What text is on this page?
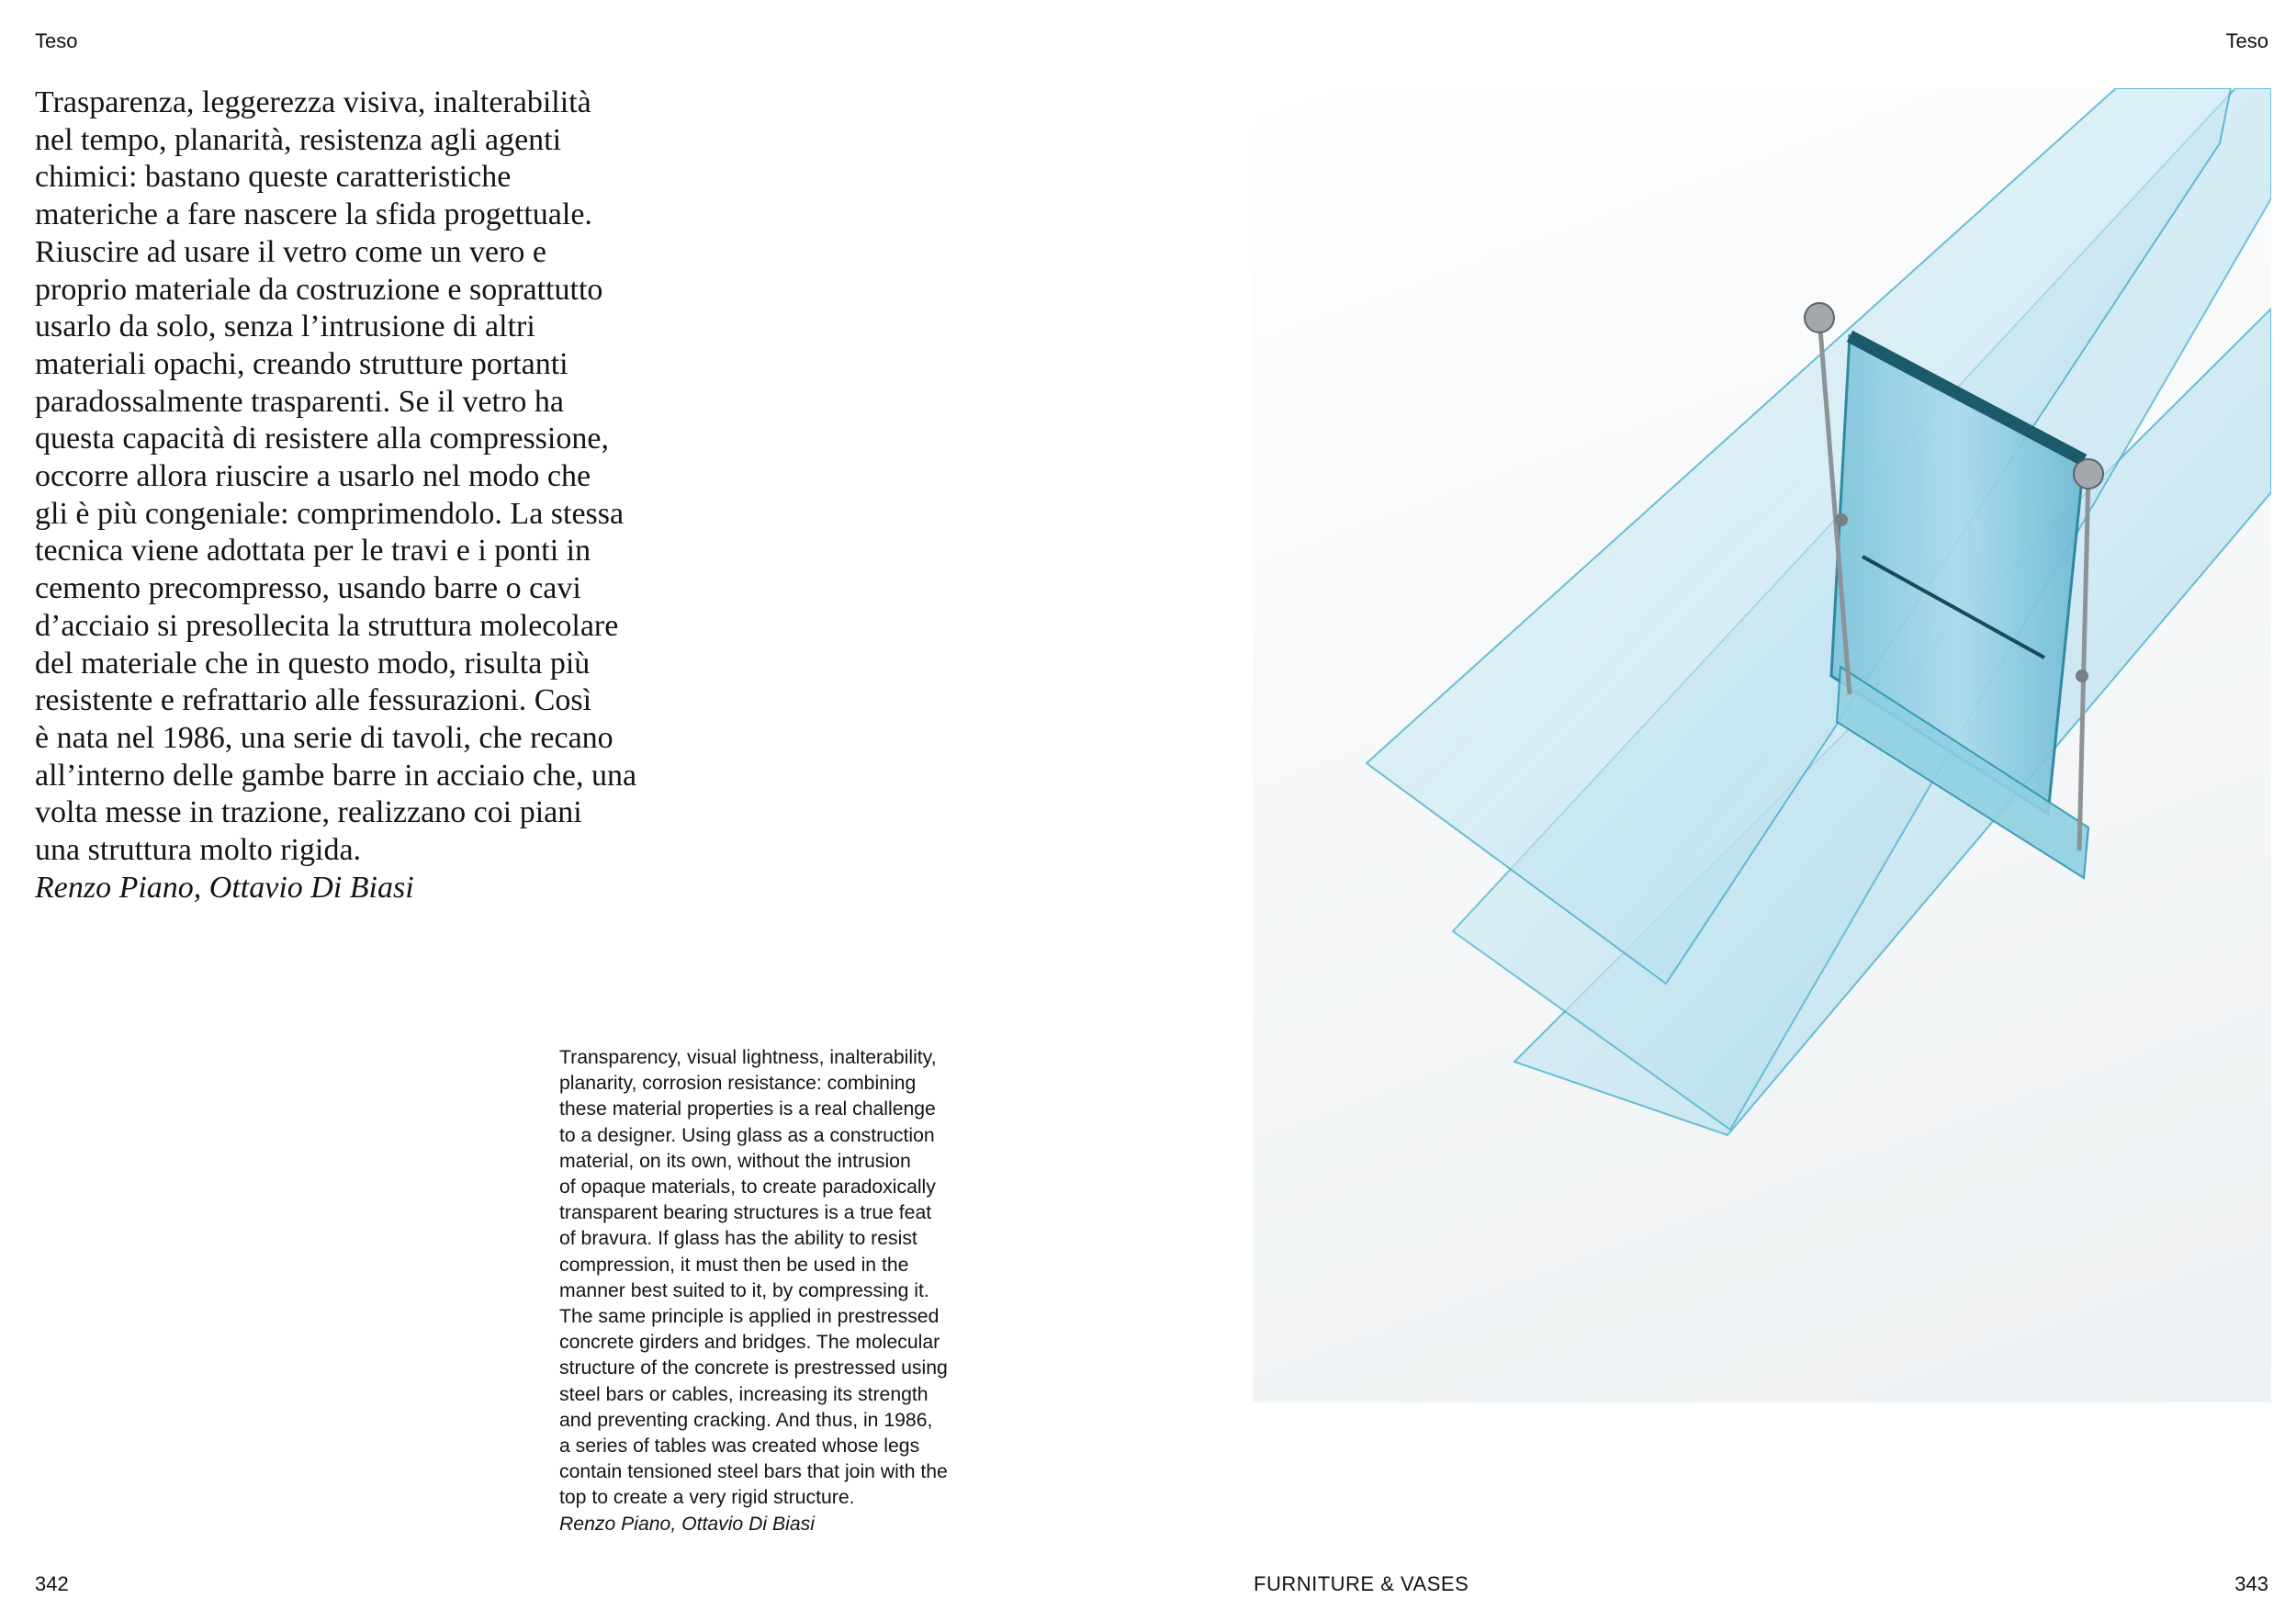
Teso	Teso

Trasparenza, leggerezza visiva, inalterabilità
nel tempo, planarità, resistenza agli agenti
chimici: bastano queste caratteristiche
materiche a fare nascere la sfida progettuale.
Riuscire ad usare il vetro come un vero e
proprio materiale da costruzione e soprattutto
usarlo da solo, senza l’intrusione di altri
materiali opachi, creando strutture portanti
paradossalmente trasparenti. Se il vetro ha
questa capacità di resistere alla compressione,
occorre allora riuscire a usarlo nel modo che
gli è più congeniale: comprimendolo. La stessa
tecnica viene adottata per le travi e i ponti in
cemento precompresso, usando barre o cavi
d’acciaio si presollecita la struttura molecolare
del materiale che in questo modo, risulta più
resistente e refrattario alle fessurazioni. Così
è nata nel 1986, una serie di tavoli, che recano
all’interno delle gambe barre in acciaio che, una
volta messe in trazione, realizzano coi piani
una struttura molto rigida.

Renzo Piano, Ottavio Di Biasi

Transparency, visual lightness, inalterability,
planarity, corrosion resistance: combining
these material properties is a real challenge
to a designer. Using glass as a construction
material, on its own, without the intrusion
of opaque materials, to create paradoxically
transparent bearing structures is a true feat
of bravura. If glass has the ability to resist
compression, it must then be used in the
manner best suited to it, by compressing it.
The same principle is applied in prestressed
concrete girders and bridges. The molecular
structure of the concrete is prestressed using
steel bars or cables, increasing its strength
and preventing cracking. And thus, in 1986,
a series of tables was created whose legs
contain tensioned steel bars that join with the
top to create a very rigid structure.

Renzo Piano, Ottavio Di Biasi

342	FURNITURE & VASES	343
